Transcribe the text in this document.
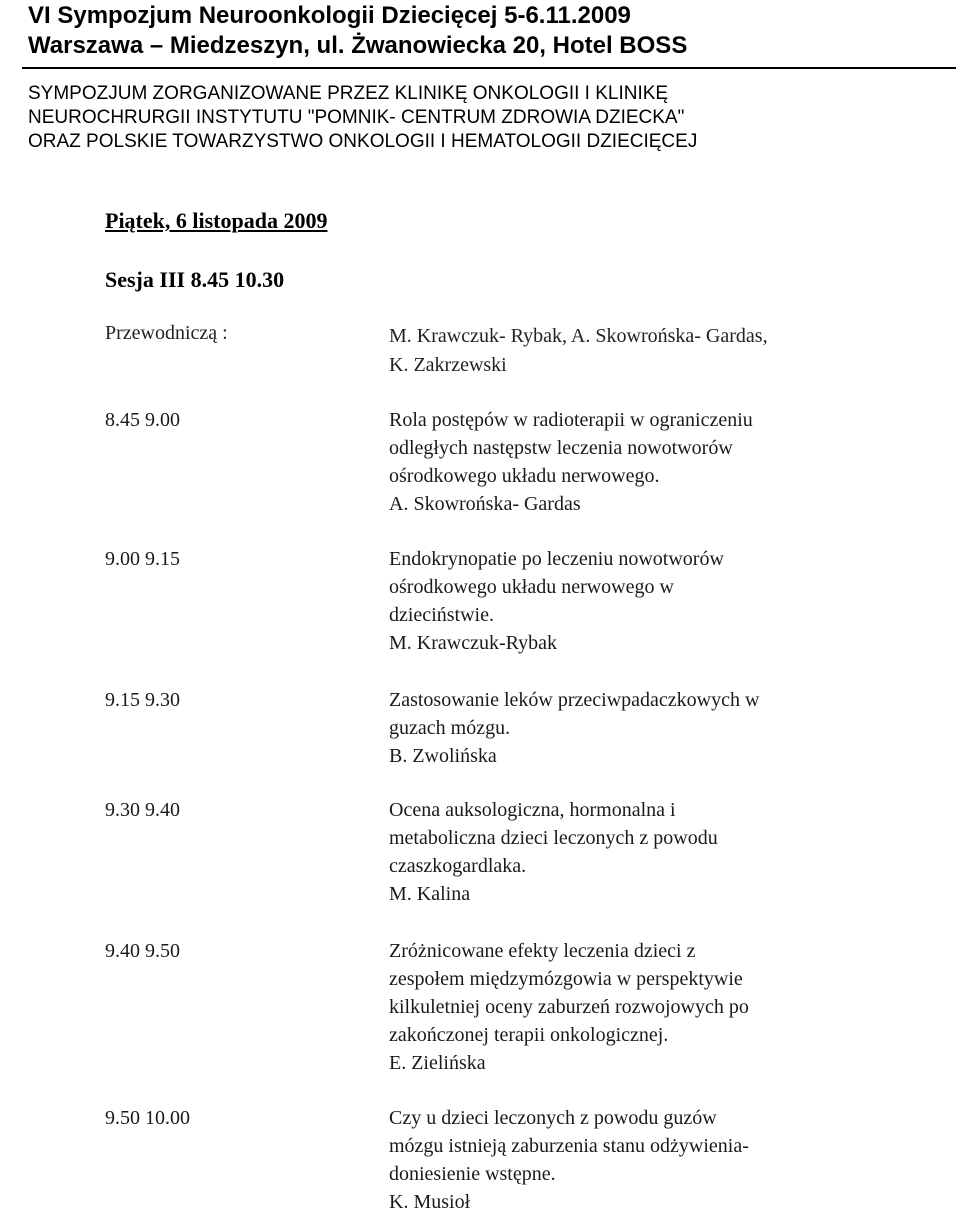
VI Sympozjum Neuroonkologii Dziecięcej 5-6.11.2009
Warszawa – Miedzeszyn, ul. Żwanowiecka 20, Hotel BOSS

SYMPOZJUM ZORGANIZOWANE PRZEZ KLINIKĘ ONKOLOGII I KLINIKĘ

NEUROCHRURGII INSTYTUTU "POMNIK- CENTRUM ZDROWIA DZIECKA"

ORAZ POLSKIE TOWARZYSTWO ONKOLOGII I HEMATOLOGII DZIECIĘCEJ

Piątek, 6 listopada 2009

Sesja III 8.45 10.30

Przewodniczą :	M. Krawczuk- Rybak, A. Skowrońska- Gardas,
K. Zakrzewski
8.45 9.00	Rola postępów w radioterapii w ograniczeniu
odległych następstw leczenia nowotworów
ośrodkowego układu nerwowego.
A. Skowrońska- Gardas
9.00 9.15	Endokrynopatie po leczeniu nowotworów
ośrodkowego układu nerwowego w
dzieciństwie.
M. Krawczuk-Rybak
9.15 9.30	Zastosowanie leków przeciwpadaczkowych w
guzach mózgu.
B. Zwolińska
9.30 9.40	Ocena auksologiczna, hormonalna i
metaboliczna dzieci leczonych z powodu
czaszkogardlaka.
M. Kalina
9.40 9.50	Zróżnicowane efekty leczenia dzieci z
zespołem międzymózgowia w perspektywie
kilkuletniej oceny zaburzeń rozwojowych po
zakończonej terapii onkologicznej.
E. Zielińska
9.50 10.00	Czy u dzieci leczonych z powodu guzów
mózgu istnieją zaburzenia stanu odżywienia-
doniesienie wstępne.
K. Musioł
